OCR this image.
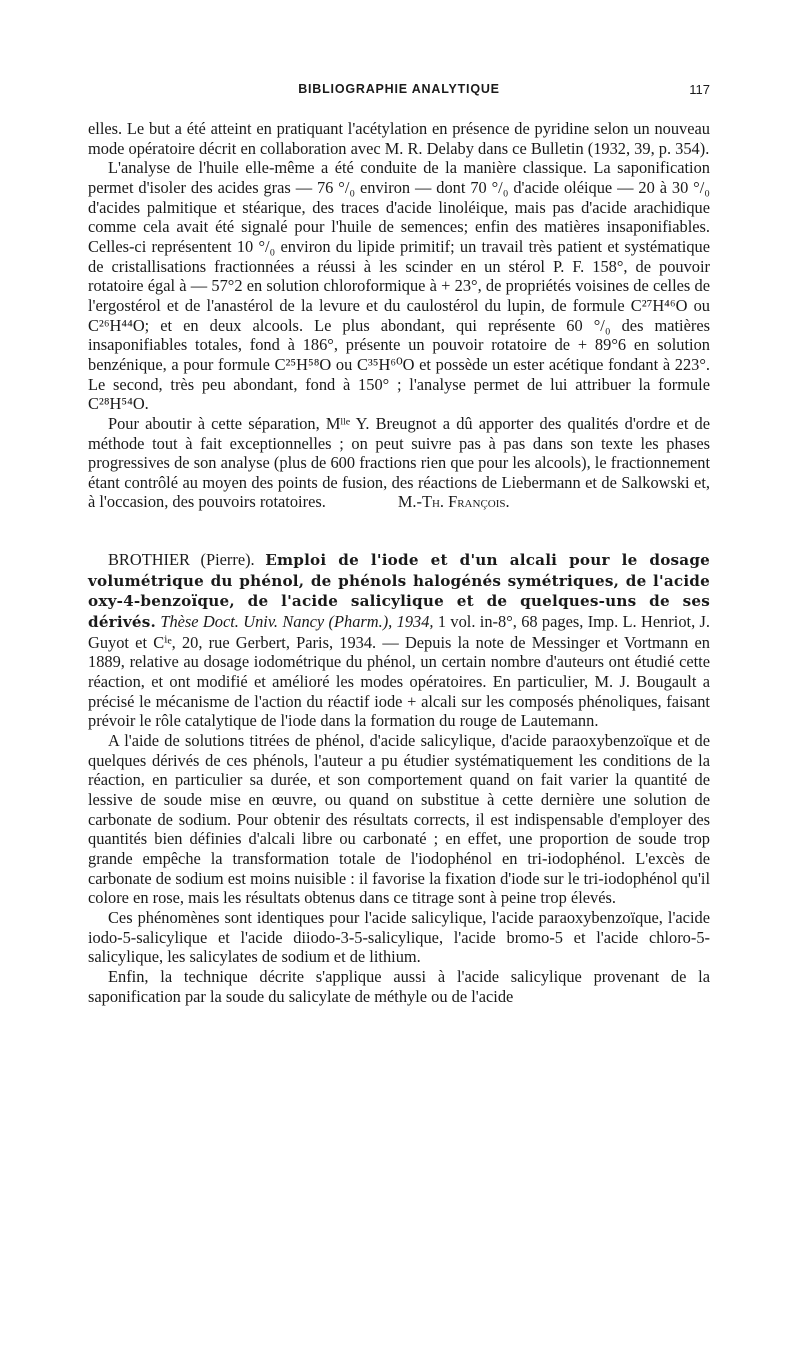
BIBLIOGRAPHIE ANALYTIQUE	117

elles. Le but a été atteint en pratiquant l'acétylation en présence de pyridine selon un nouveau mode opératoire décrit en collaboration avec M. R. Delaby dans ce Bulletin (1932, 39, p. 354).

L'analyse de l'huile elle-même a été conduite de la manière classique. La saponification permet d'isoler des acides gras — 76 °/₀ environ — dont 70 °/₀ d'acide oléique — 20 à 30 °/₀ d'acides palmitique et stéarique, des traces d'acide linoléique, mais pas d'acide arachidique comme cela avait été signalé pour l'huile de semences; enfin des matières insaponifiables. Celles-ci représentent 10 °/₀ environ du lipide primitif; un travail très patient et systématique de cristallisations fractionnées a réussi à les scinder en un stérol P. F. 158°, de pouvoir rotatoire égal à — 57°2 en solution chloroformique à + 23°, de propriétés voisines de celles de l'ergostérol et de l'anastérol de la levure et du caulostérol du lupin, de formule C²⁷H⁴⁶O ou C²⁶H⁴⁴O; et en deux alcools. Le plus abondant, qui représente 60 °/₀ des matières insaponifiables totales, fond à 186°, présente un pouvoir rotatoire de + 89°6 en solution benzénique, a pour formule C²⁵H⁵⁸O ou C³⁵H⁶⁰O et possède un ester acétique fondant à 223°. Le second, très peu abondant, fond à 150° ; l'analyse permet de lui attribuer la formule C²⁸H⁵⁴O.

Pour aboutir à cette séparation, Mˡˡᵉ Y. Breugnot a dû apporter des qualités d'ordre et de méthode tout à fait exceptionnelles ; on peut suivre pas à pas dans son texte les phases progressives de son analyse (plus de 600 fractions rien que pour les alcools), le fractionnement étant contrôlé au moyen des points de fusion, des réactions de Liebermann et de Salkowski et, à l'occasion, des pouvoirs rotatoires.	M.-Th. François.

BROTHIER (Pierre). Emploi de l'iode et d'un alcali pour le dosage volumétrique du phénol, de phénols halogénés symétriques, de l'acide oxy-4-benzoïque, de l'acide salicylique et de quelques-uns de ses dérivés. Thèse Doct. Univ. Nancy (Pharm.), 1934, 1 vol. in-8°, 68 pages, Imp. L. Henriot, J. Guyot et Cⁱᵉ, 20, rue Gerbert, Paris, 1934. — Depuis la note de Messinger et Vortmann en 1889, relative au dosage iodométrique du phénol, un certain nombre d'auteurs ont étudié cette réaction, et ont modifié et amélioré les modes opératoires. En particulier, M. J. Bougault a précisé le mécanisme de l'action du réactif iode + alcali sur les composés phénoliques, faisant prévoir le rôle catalytique de l'iode dans la formation du rouge de Lautemann.

A l'aide de solutions titrées de phénol, d'acide salicylique, d'acide paraoxybenzoïque et de quelques dérivés de ces phénols, l'auteur a pu étudier systématiquement les conditions de la réaction, en particulier sa durée, et son comportement quand on fait varier la quantité de lessive de soude mise en œuvre, ou quand on substitue à cette dernière une solution de carbonate de sodium. Pour obtenir des résultats corrects, il est indispensable d'employer des quantités bien définies d'alcali libre ou carbonaté ; en effet, une proportion de soude trop grande empêche la transformation totale de l'iodophénol en tri-iodophénol. L'excès de carbonate de sodium est moins nuisible : il favorise la fixation d'iode sur le tri-iodophénol qu'il colore en rose, mais les résultats obtenus dans ce titrage sont à peine trop élevés.

Ces phénomènes sont identiques pour l'acide salicylique, l'acide paraoxybenzoïque, l'acide iodo-5-salicylique et l'acide diiodo-3-5-salicylique, l'acide bromo-5 et l'acide chloro-5-salicylique, les salicylates de sodium et de lithium.

Enfin, la technique décrite s'applique aussi à l'acide salicylique provenant de la saponification par la soude du salicylate de méthyle ou de l'acide
